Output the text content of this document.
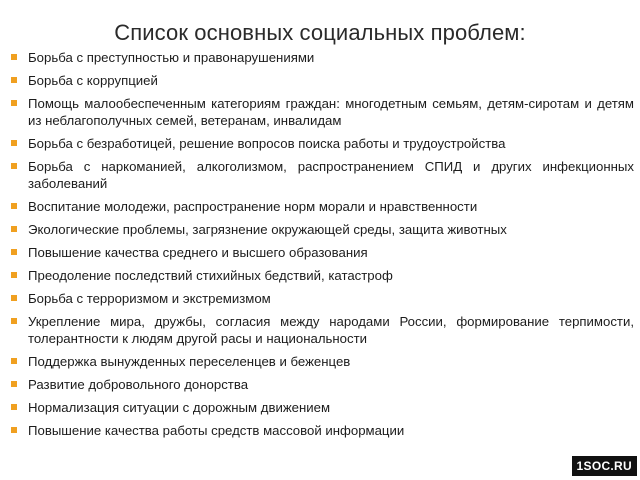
Список основных социальных проблем:
Борьба с преступностью и правонарушениями
Борьба с коррупцией
Помощь малообеспеченным категориям граждан: многодетным семьям, детям-сиротам и детям из неблагополучных семей, ветеранам, инвалидам
Борьба с безработицей, решение вопросов поиска работы и трудоустройства
Борьба с наркоманией, алкоголизмом, распространением СПИД и других инфекционных заболеваний
Воспитание молодежи, распространение норм морали и нравственности
Экологические проблемы, загрязнение окружающей среды, защита животных
Повышение качества среднего и высшего образования
Преодоление последствий стихийных бедствий, катастроф
Борьба с терроризмом и экстремизмом
Укрепление мира, дружбы, согласия между народами России, формирование терпимости, толерантности к людям другой расы и национальности
Поддержка вынужденных переселенцев и беженцев
Развитие добровольного донорства
Нормализация ситуации с дорожным движением
Повышение качества работы средств массовой информации
1SOC.RU
